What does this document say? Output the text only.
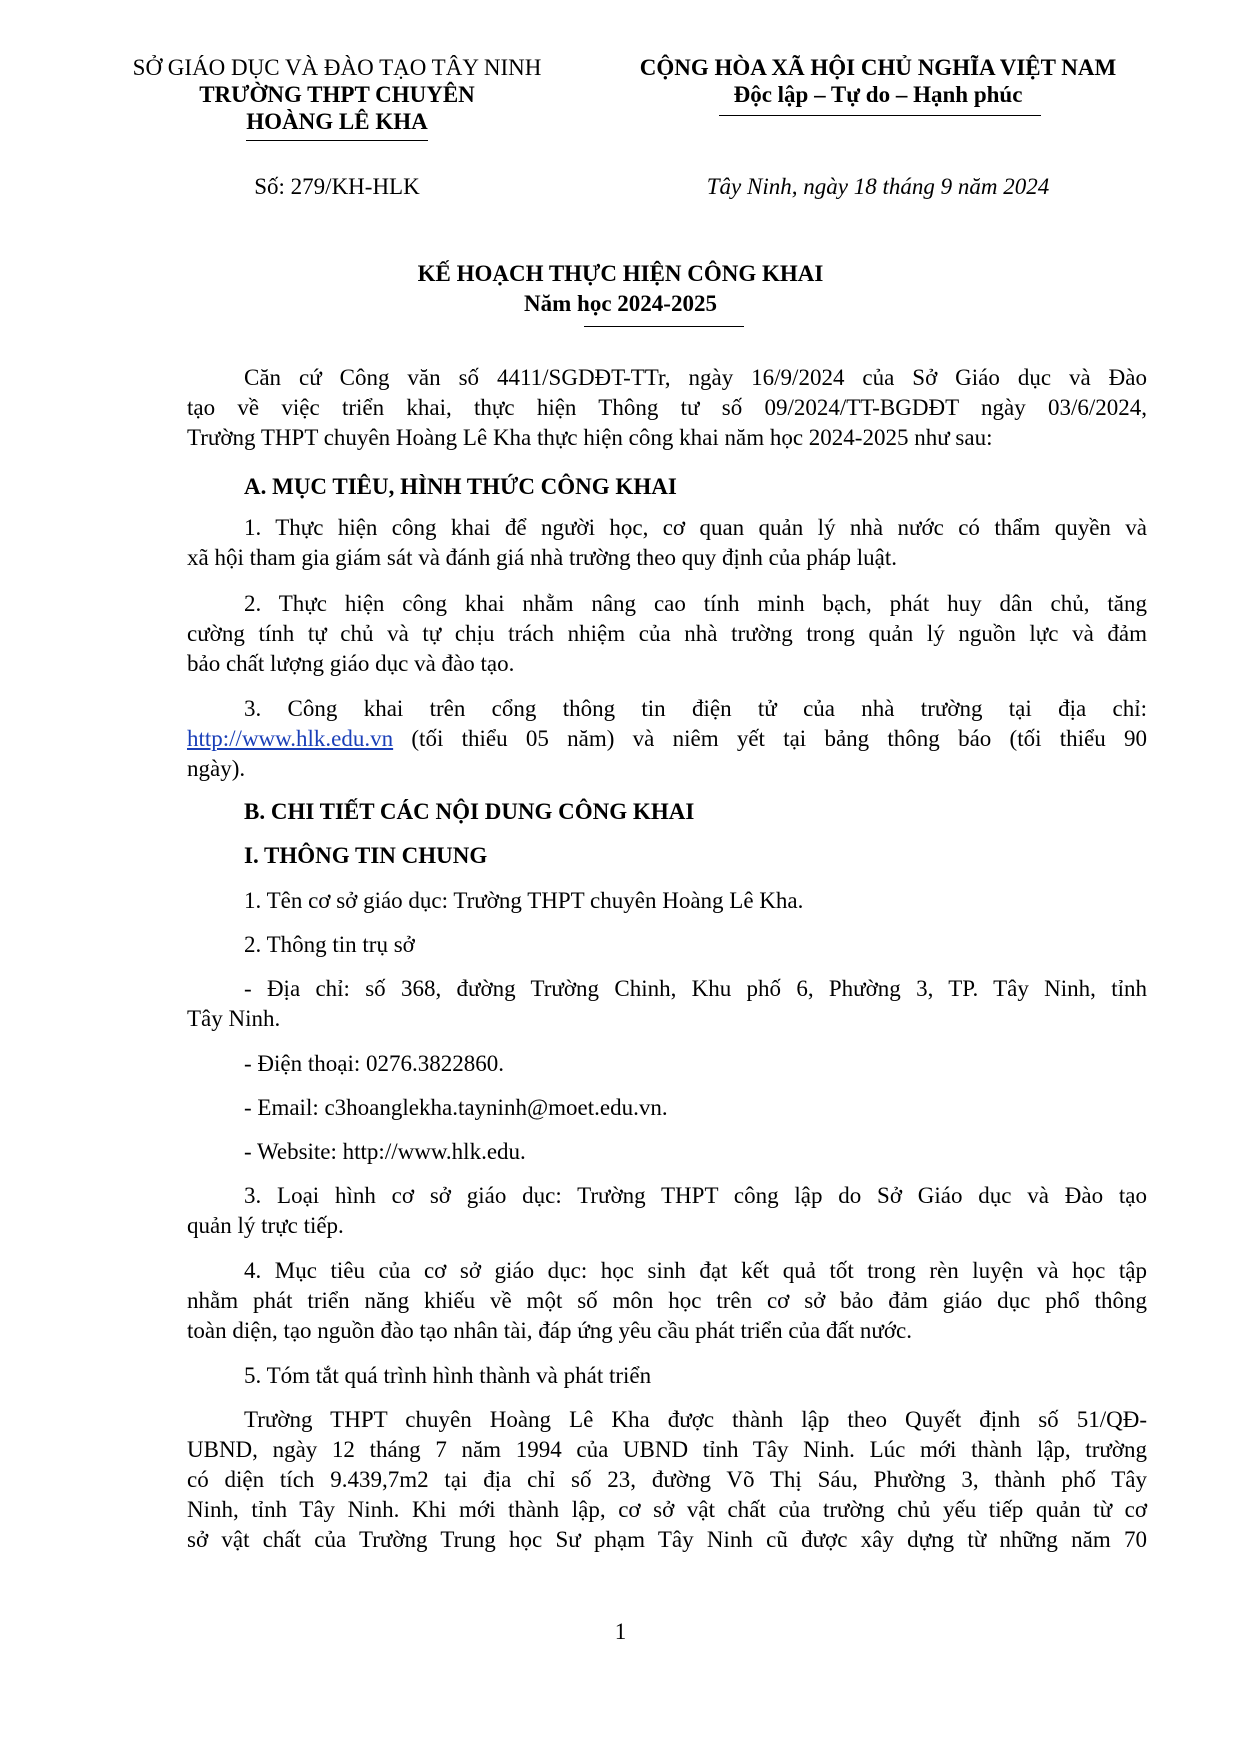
SỞ GIÁO DỤC VÀ ĐÀO TẠO TÂY NINH
TRƯỜNG THPT CHUYÊN
HOÀNG LÊ KHA
Số: 279/KH-HLK
CỘNG HÒA XÃ HỘI CHỦ NGHĨA VIỆT NAM
Độc lập – Tự do – Hạnh phúc
Tây Ninh, ngày 18 tháng 9 năm 2024
KẾ HOẠCH THỰC HIỆN CÔNG KHAI
Năm học 2024-2025
Căn cứ Công văn số 4411/SGDĐT-TTr, ngày 16/9/2024 của Sở Giáo dục và Đào
tạo về việc triển khai, thực hiện Thông tư số 09/2024/TT-BGDĐT ngày 03/6/2024,
Trường THPT chuyên Hoàng Lê Kha thực hiện công khai năm học 2024-2025 như sau:
A. MỤC TIÊU, HÌNH THỨC CÔNG KHAI
1. Thực hiện công khai để người học, cơ quan quản lý nhà nước có thẩm quyền và
xã hội tham gia giám sát và đánh giá nhà trường theo quy định của pháp luật.
2. Thực hiện công khai nhằm nâng cao tính minh bạch, phát huy dân chủ, tăng
cường tính tự chủ và tự chịu trách nhiệm của nhà trường trong quản lý nguồn lực và đảm
bảo chất lượng giáo dục và đào tạo.
3. Công khai trên cổng thông tin điện tử của nhà trường tại địa chỉ:
http://www.hlk.edu.vn (tối thiểu 05 năm) và niêm yết tại bảng thông báo (tối thiểu 90
ngày).
B. CHI TIẾT CÁC NỘI DUNG CÔNG KHAI
I. THÔNG TIN CHUNG
1. Tên cơ sở giáo dục: Trường THPT chuyên Hoàng Lê Kha.
2. Thông tin trụ sở
- Địa chỉ: số 368, đường Trường Chinh, Khu phố 6, Phường 3, TP. Tây Ninh, tỉnh
Tây Ninh.
- Điện thoại: 0276.3822860.
- Email: c3hoanglekha.tayninh@moet.edu.vn.
- Website: http://www.hlk.edu.
3. Loại hình cơ sở giáo dục: Trường THPT công lập do Sở Giáo dục và Đào tạo
quản lý trực tiếp.
4. Mục tiêu của cơ sở giáo dục: học sinh đạt kết quả tốt trong rèn luyện và học tập
nhằm phát triển năng khiếu về một số môn học trên cơ sở bảo đảm giáo dục phổ thông
toàn diện, tạo nguồn đào tạo nhân tài, đáp ứng yêu cầu phát triển của đất nước.
5. Tóm tắt quá trình hình thành và phát triển
Trường THPT chuyên Hoàng Lê Kha được thành lập theo Quyết định số 51/QĐ-
UBND, ngày 12 tháng 7 năm 1994 của UBND tỉnh Tây Ninh. Lúc mới thành lập, trường
có diện tích 9.439,7m2 tại địa chỉ số 23, đường Võ Thị Sáu, Phường 3, thành phố Tây
Ninh, tỉnh Tây Ninh. Khi mới thành lập, cơ sở vật chất của trường chủ yếu tiếp quản từ cơ
sở vật chất của Trường Trung học Sư phạm Tây Ninh cũ được xây dựng từ những năm 70
1
